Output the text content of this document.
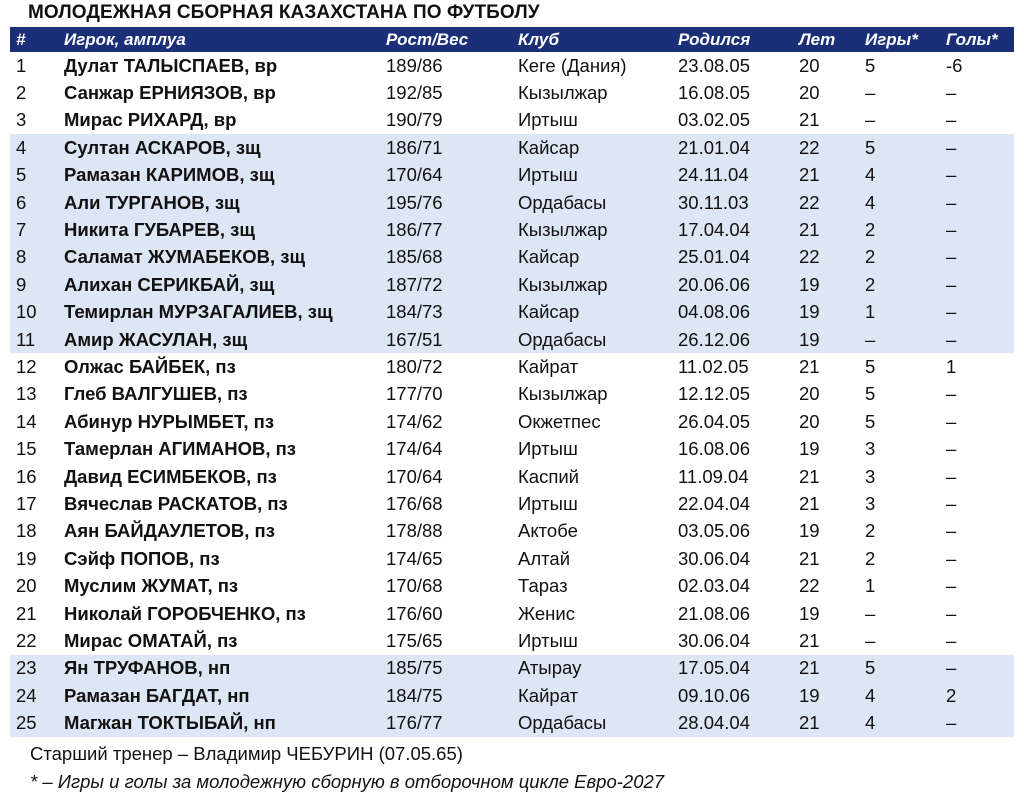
МОЛОДЕЖНАЯ СБОРНАЯ КАЗАХСТАНА ПО ФУТБОЛУ
#	Игрок, амплуа	Рост/Вес	Клуб	Родился	Лет	Игры*	Голы*
1	Дулат ТАЛЫСПАЕВ, вр	189/86	Кеге (Дания)	23.08.05	20	5	-6
2	Санжар ЕРНИЯЗОВ, вр	192/85	Кызылжар	16.08.05	20	–	–
3	Мирас РИХАРД, вр	190/79	Иртыш	03.02.05	21	–	–
4	Султан АСКАРОВ, зщ	186/71	Кайсар	21.01.04	22	5	–
5	Рамазан КАРИМОВ, зщ	170/64	Иртыш	24.11.04	21	4	–
6	Али ТУРГАНОВ, зщ	195/76	Ордабасы	30.11.03	22	4	–
7	Никита ГУБАРЕВ, зщ	186/77	Кызылжар	17.04.04	21	2	–
8	Саламат ЖУМАБЕКОВ, зщ	185/68	Кайсар	25.01.04	22	2	–
9	Алихан СЕРИКБАЙ, зщ	187/72	Кызылжар	20.06.06	19	2	–
10	Темирлан МУРЗАГАЛИЕВ, зщ	184/73	Кайсар	04.08.06	19	1	–
11	Амир ЖАСУЛАН, зщ	167/51	Ордабасы	26.12.06	19	–	–
12	Олжас БАЙБЕК, пз	180/72	Кайрат	11.02.05	21	5	1
13	Глеб ВАЛГУШЕВ, пз	177/70	Кызылжар	12.12.05	20	5	–
14	Абинур НУРЫМБЕТ, пз	174/62	Окжетпес	26.04.05	20	5	–
15	Тамерлан АГИМАНОВ, пз	174/64	Иртыш	16.08.06	19	3	–
16	Давид ЕСИМБЕКОВ, пз	170/64	Каспий	11.09.04	21	3	–
17	Вячеслав РАСКАТОВ, пз	176/68	Иртыш	22.04.04	21	3	–
18	Аян БАЙДАУЛЕТОВ, пз	178/88	Актобе	03.05.06	19	2	–
19	Сэйф ПОПОВ, пз	174/65	Алтай	30.06.04	21	2	–
20	Муслим ЖУМАТ, пз	170/68	Тараз	02.03.04	22	1	–
21	Николай ГОРОБЧЕНКО, пз	176/60	Женис	21.08.06	19	–	–
22	Мирас ОМАТАЙ, пз	175/65	Иртыш	30.06.04	21	–	–
23	Ян ТРУФАНОВ, нп	185/75	Атырау	17.05.04	21	5	–
24	Рамазан БАГДАТ, нп	184/75	Кайрат	09.10.06	19	4	2
25	Магжан ТОКТЫБАЙ, нп	176/77	Ордабасы	28.04.04	21	4	–
Старший тренер – Владимир ЧЕБУРИН (07.05.65)
* – Игры и голы за молодежную сборную в отборочном цикле Евро-2027
